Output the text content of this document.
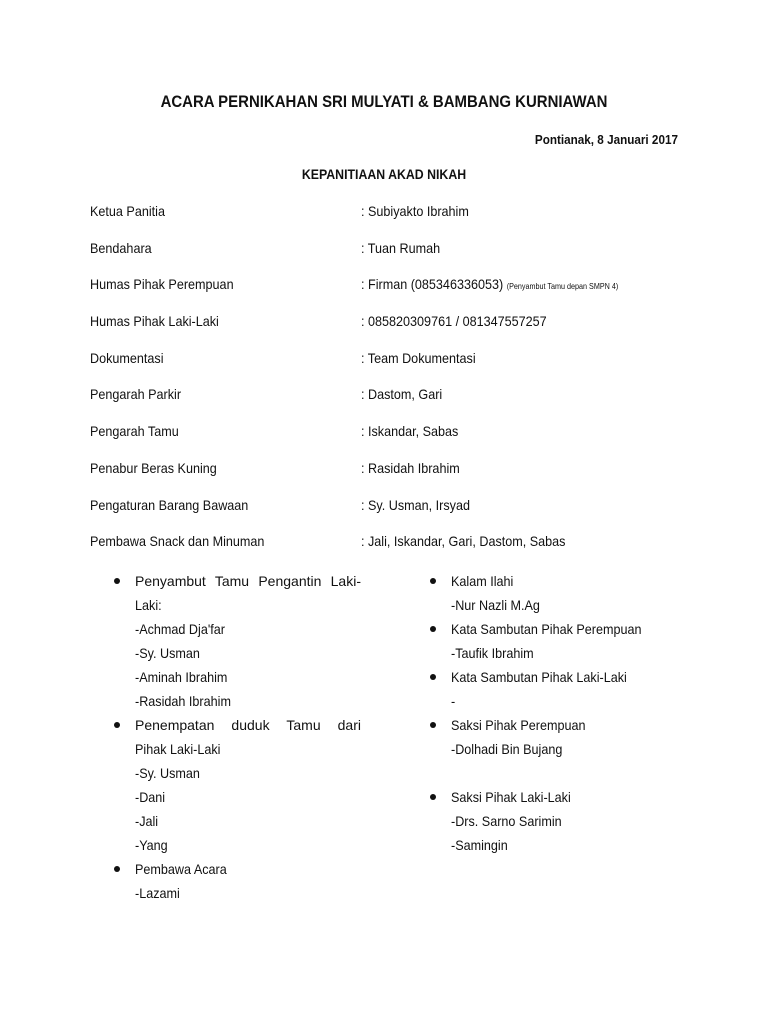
ACARA PERNIKAHAN SRI MULYATI & BAMBANG KURNIAWAN
Pontianak, 8 Januari 2017
KEPANITIAAN AKAD NIKAH
Ketua Panitia	: Subiyakto Ibrahim
Bendahara	: Tuan Rumah
Humas Pihak Perempuan	: Firman (085346336053) (Penyambut Tamu depan SMPN 4)
Humas Pihak Laki-Laki	: 085820309761 / 081347557257
Dokumentasi	: Team Dokumentasi
Pengarah Parkir	: Dastom, Gari
Pengarah Tamu	: Iskandar, Sabas
Penabur Beras Kuning	: Rasidah Ibrahim
Pengaturan Barang Bawaan	: Sy. Usman, Irsyad
Pembawa Snack dan Minuman	: Jali, Iskandar, Gari, Dastom, Sabas
Penyambut Tamu Pengantin Laki-
Laki:
-Achmad Dja'far
-Sy. Usman
-Aminah Ibrahim
-Rasidah Ibrahim
Penempatan duduk Tamu dari
Pihak Laki-Laki
-Sy. Usman
-Dani
-Jali
-Yang
Pembawa Acara
-Lazami
Kalam Ilahi
-Nur Nazli M.Ag
Kata Sambutan Pihak Perempuan
-Taufik Ibrahim
Kata Sambutan Pihak Laki-Laki
-
Saksi Pihak Perempuan
-Dolhadi Bin Bujang
Saksi Pihak Laki-Laki
-Drs. Sarno Sarimin
-Samingin
